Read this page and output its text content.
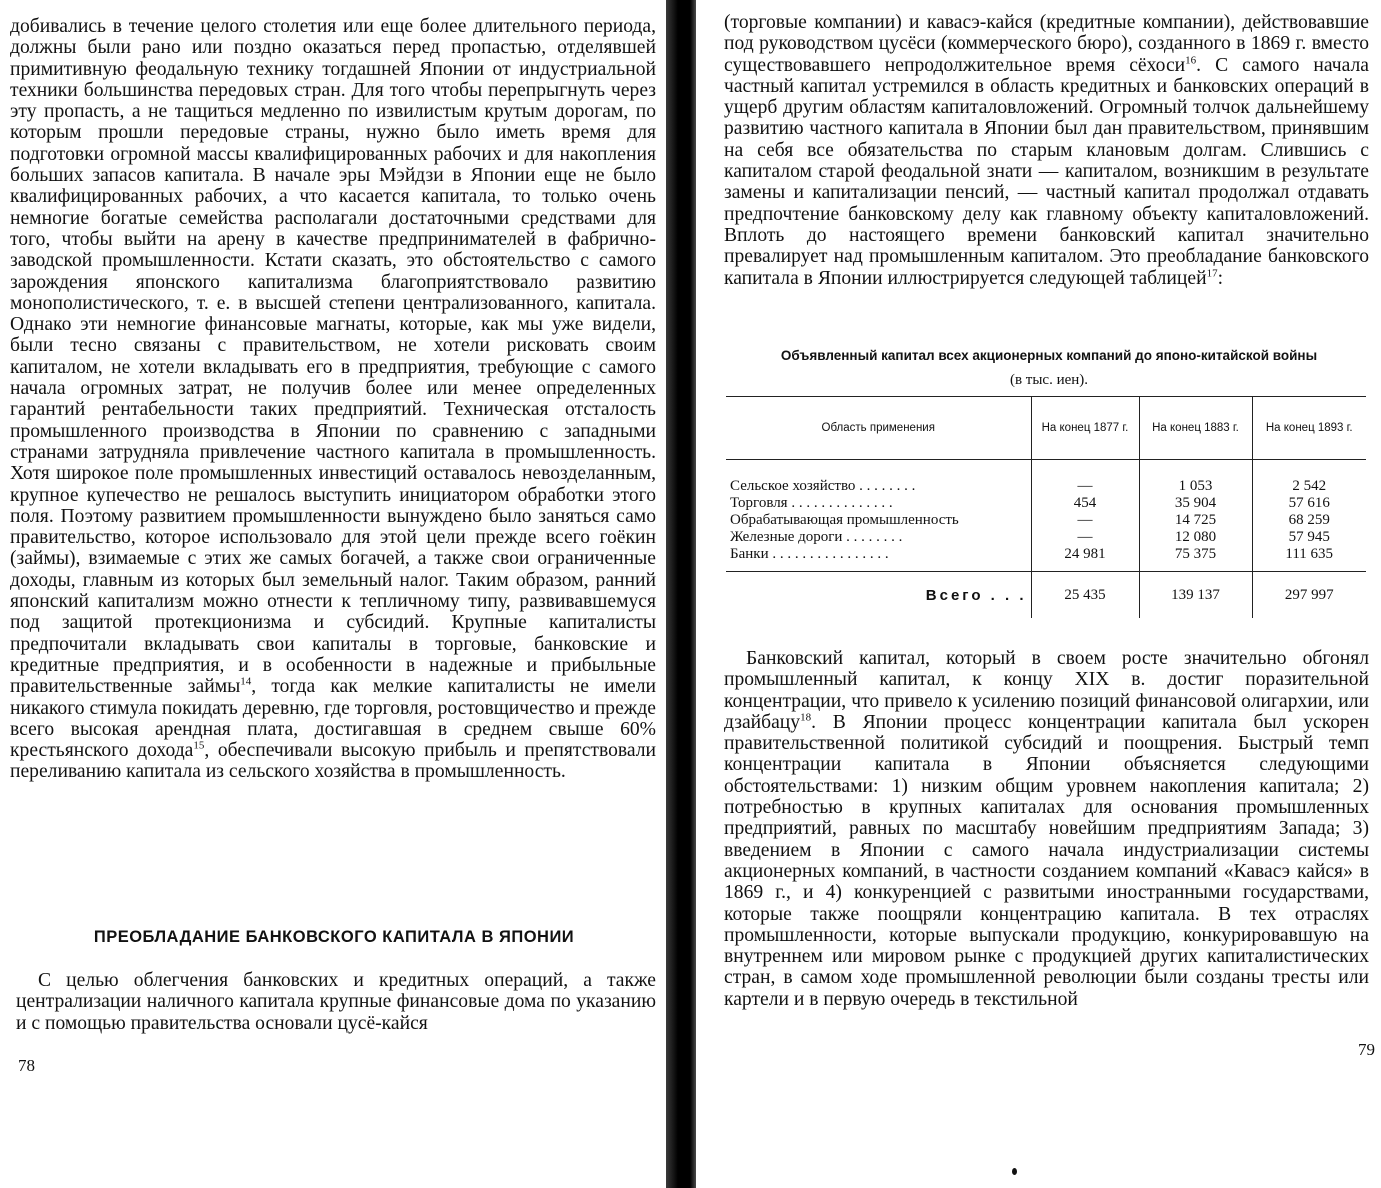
добивались в течение целого столетия или еще более длительного периода, должны были рано или поздно оказаться перед пропастью, отделявшей примитивную феодальную технику тогдашней Японии от индустриальной техники большинства передовых стран. Для того чтобы перепрыгнуть через эту пропасть, а не тащиться медленно по извилистым крутым дорогам, по которым прошли передовые страны, нужно было иметь время для подготовки огромной массы квалифицированных рабочих и для накопления больших запасов капитала. В начале эры Мэйдзи в Японии еще не было квалифицированных рабочих, а что касается капитала, то только очень немногие богатые семейства располагали достаточными средствами для того, чтобы выйти на арену в качестве предпринимателей в фабрично-заводской промышленности. Кстати сказать, это обстоятельство с самого зарождения японского капитализма благоприятствовало развитию монополистического, т. е. в высшей степени централизованного, капитала. Однако эти немногие финансовые магнаты, которые, как мы уже видели, были тесно связаны с правительством, не хотели рисковать своим капиталом, не хотели вкладывать его в предприятия, требующие с самого начала огромных затрат, не получив более или менее определенных гарантий рентабельности таких предприятий. Техническая отсталость промышленного производства в Японии по сравнению с западными странами затрудняла привлечение частного капитала в промышленность. Хотя широкое поле промышленных инвестиций оставалось невозделанным, крупное купечество не решалось выступить инициатором обработки этого поля. Поэтому развитием промышленности вынуждено было заняться само правительство, которое использовало для этой цели прежде всего гоёкин (займы), взимаемые с этих же самых богачей, а также свои ограниченные доходы, главным из которых был земельный налог. Таким образом, ранний японский капитализм можно отнести к тепличному типу, развивавшемуся под защитой протекционизма и субсидий. Крупные капиталисты предпочитали вкладывать свои капиталы в торговые, банковские и кредитные предприятия, и в особенности в надежные и прибыльные правительственные займы$^{14}$, тогда как мелкие капиталисты не имели никакого стимула покидать деревню, где торговля, ростовщичество и прежде всего высокая арендная плата, достигавшая в среднем свыше 60% крестьянского дохода$^{15}$, обеспечивали высокую прибыль и препятствовали переливанию капитала из сельского хозяйства в промышленность.

ПРЕОБЛАДАНИЕ БАНКОВСКОГО КАПИТАЛА В ЯПОНИИ

С целью облегчения банковских и кредитных операций, а также централизации наличного капитала крупные финансовые дома по указанию и с помощью правительства основали цусё-кайся

78

(торговые компании) и кавасэ-кайся (кредитные компании), действовавшие под руководством цусёси (коммерческого бюро), созданного в 1869 г. вместо существовавшего непродолжительное время сёхоси$^{16}$. С самого начала частный капитал устремился в область кредитных и банковских операций в ущерб другим областям капиталовложений. Огромный толчок дальнейшему развитию частного капитала в Японии был дан правительством, принявшим на себя все обязательства по старым клановым долгам. Слившись с капиталом старой феодальной знати — капиталом, возникшим в результате замены и капитализации пенсий, — частный капитал продолжал отдавать предпочтение банковскому делу как главному объекту капиталовложений. Вплоть до настоящего времени банковский капитал значительно превалирует над промышленным капиталом. Это преобладание банковского капитала в Японии иллюстрируется следующей таблицей$^{17}$:

Объявленный капитал всех акционерных компаний до японо-китайской войны

(в тыс. иен).

Область применения	На конец 1877 г.	На конец 1883 г.	На конец 1893 г.

Сельское хозяйство . . . . . . . .	—	1 053	2 542
Торговля . . . . . . . . . . . . . .	454	35 904	57 616
Обрабатывающая промышленность	—	14 725	68 259
Железные дороги . . . . . . . .	—	12 080	57 945
Банки . . . . . . . . . . . . . . . .	24 981	75 375	111 635
Всего . . .	25 435	139 137	297 997

Банковский капитал, который в своем росте значительно обгонял промышленный капитал, к концу XIX в. достиг поразительной концентрации, что привело к усилению позиций финансовой олигархии, или дзайбацу$^{18}$. В Японии процесс концентрации капитала был ускорен правительственной политикой субсидий и поощрения. Быстрый темп концентрации капитала в Японии объясняется следующими обстоятельствами: 1) низким общим уровнем накопления капитала; 2) потребностью в крупных капиталах для основания промышленных предприятий, равных по масштабу новейшим предприятиям Запада; 3) введением в Японии с самого начала индустриализации системы акционерных компаний, в частности созданием компаний «Кавасэ кайся» в 1869 г., и 4) конкуренцией с развитыми иностранными государствами, которые также поощряли концентрацию капитала. В тех отраслях промышленности, которые выпускали продукцию, конкурировавшую на внутреннем или мировом рынке с продукцией других капиталистических стран, в самом ходе промышленной революции были созданы тресты или картели и в первую очередь в текстильной

79
